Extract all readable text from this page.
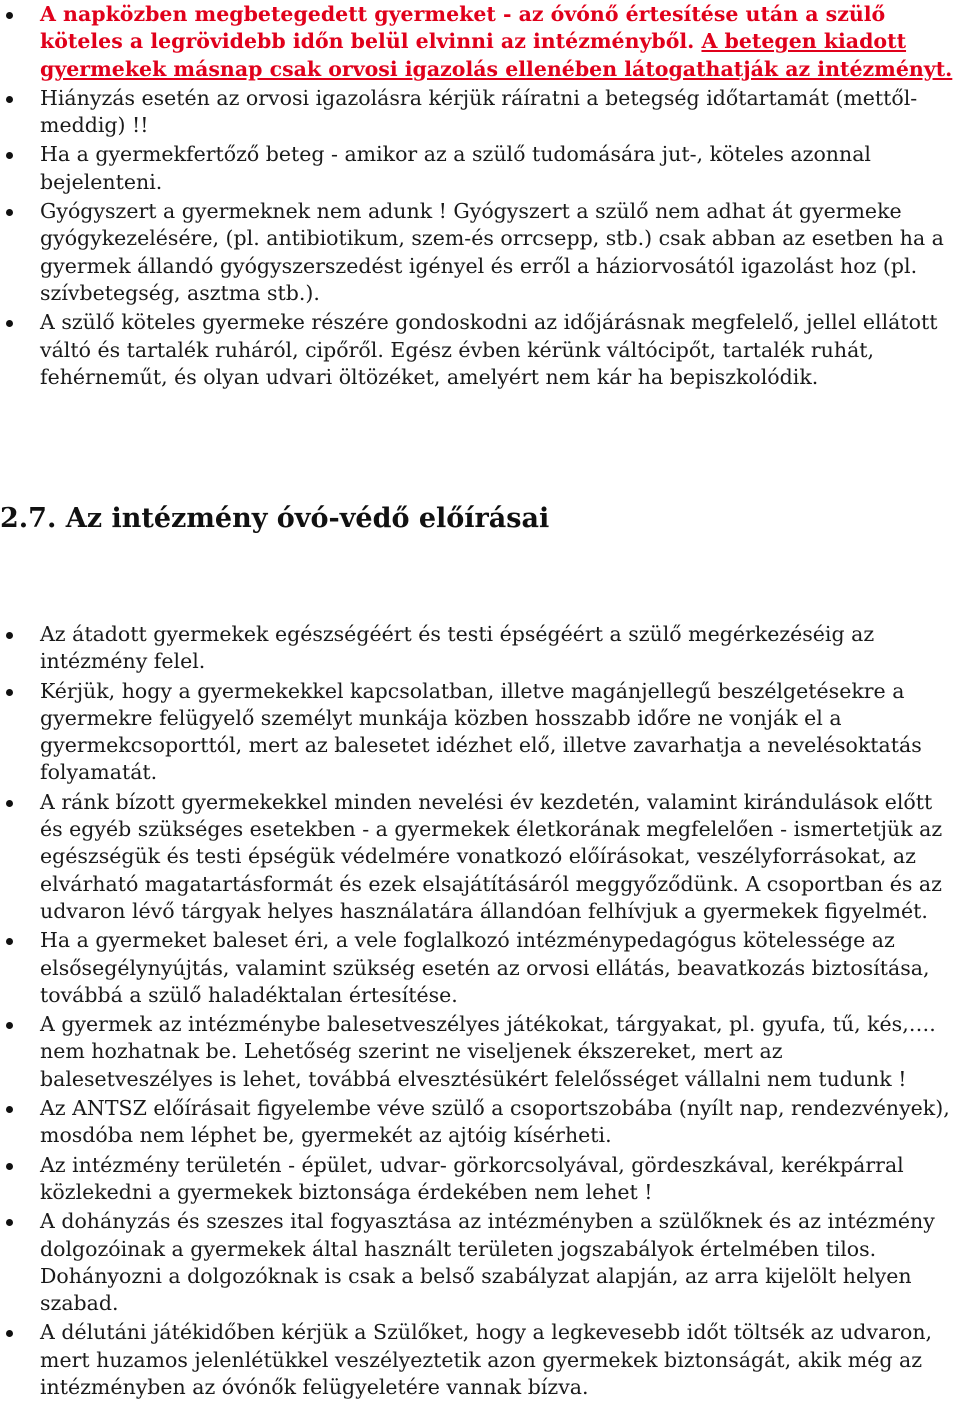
A napközben megbetegedett gyermeket - az óvónő értesítése után a szülő köteles a legrövidebb időn belül elvinni az intézményből. A betegen kiadott gyermekek másnap csak orvosi igazolás ellenében látogathatják az intézményt.
Hiányzás esetén az orvosi igazolásra kérjük ráíratni a betegség időtartamát (mettől-meddig) !!
Ha a gyermekfertőző beteg - amikor az a szülő tudomására jut-, köteles azonnal bejelenteni.
Gyógyszert a gyermeknek nem adunk ! Gyógyszert a szülő nem adhat át gyermeke gyógykezelésére, (pl. antibiotikum, szem-és orrcsepp, stb.) csak abban az esetben ha a gyermek állandó gyógyszerszedést igényel és erről a háziorvosától igazolást hoz (pl. szívbetegség, asztma stb.).
A szülő köteles gyermeke részére gondoskodni az időjárásnak megfelelő, jellel ellátott váltó és tartalék ruháról, cipőről. Egész évben kérünk váltócipőt, tartalék ruhát, fehérneműt, és olyan udvari öltözéket, amelyért nem kár ha bepiszkolódik.
2.7. Az intézmény óvó-védő előírásai
Az átadott gyermekek egészségéért és testi épségéért a szülő megérkezéséig az intézmény felel.
Kérjük, hogy a gyermekekkel kapcsolatban, illetve magánjellegű beszélgetésekre a gyermekre felügyelő személyt munkája közben hosszabb időre ne vonják el a gyermekcsoporttól, mert az balesetet idézhet elő, illetve zavarhatja a nevelésoktatás folyamatát.
A ránk bízott gyermekekkel minden nevelési év kezdetén, valamint kirándulások előtt és egyéb szükséges esetekben - a gyermekek életkorának megfelelően - ismertetjük az egészségük és testi épségük védelmére vonatkozó előírásokat, veszélyforrásokat, az elvárható magatartásformát és ezek elsajátításáról meggyőződünk. A csoportban és az udvaron lévő tárgyak helyes használatára állandóan felhívjuk a gyermekek figyelmét.
Ha a gyermeket baleset éri, a vele foglalkozó intézménypedagógus kötelessége az elsősegélynyújtás, valamint szükség esetén az orvosi ellátás, beavatkozás biztosítása, továbbá a szülő haladéktalan értesítése.
A gyermek az intézménybe balesetveszélyes játékokat, tárgyakat, pl. gyufa, tű, kés,…. nem hozhatnak be. Lehetőség szerint ne viseljenek ékszereket, mert az balesetveszélyes is lehet, továbbá elvesztésükért felelősséget vállalni nem tudunk !
Az ANTSZ előírásait figyelembe véve szülő a csoportszobába (nyílt nap, rendezvények), mosdóba nem léphet be, gyermekét az ajtóig kísérheti.
Az intézmény területén - épület, udvar- görkorcsolyával, gördeszkával, kerékpárral közlekedni a gyermekek biztonsága érdekében nem lehet !
A dohányzás és szeszes ital fogyasztása az intézményben a szülőknek és az intézmény dolgozóinak a gyermekek által használt területen jogszabályok értelmében tilos. Dohányozni a dolgozóknak is csak a belső szabályzat alapján, az arra kijelölt helyen szabad.
A délutáni játékidőben kérjük a Szülőket, hogy a legkevesebb időt töltsék az udvaron, mert huzamos jelenlétükkel veszélyeztetik azon gyermekek biztonságát, akik még az intézményben az óvónők felügyeletére vannak bízva.
